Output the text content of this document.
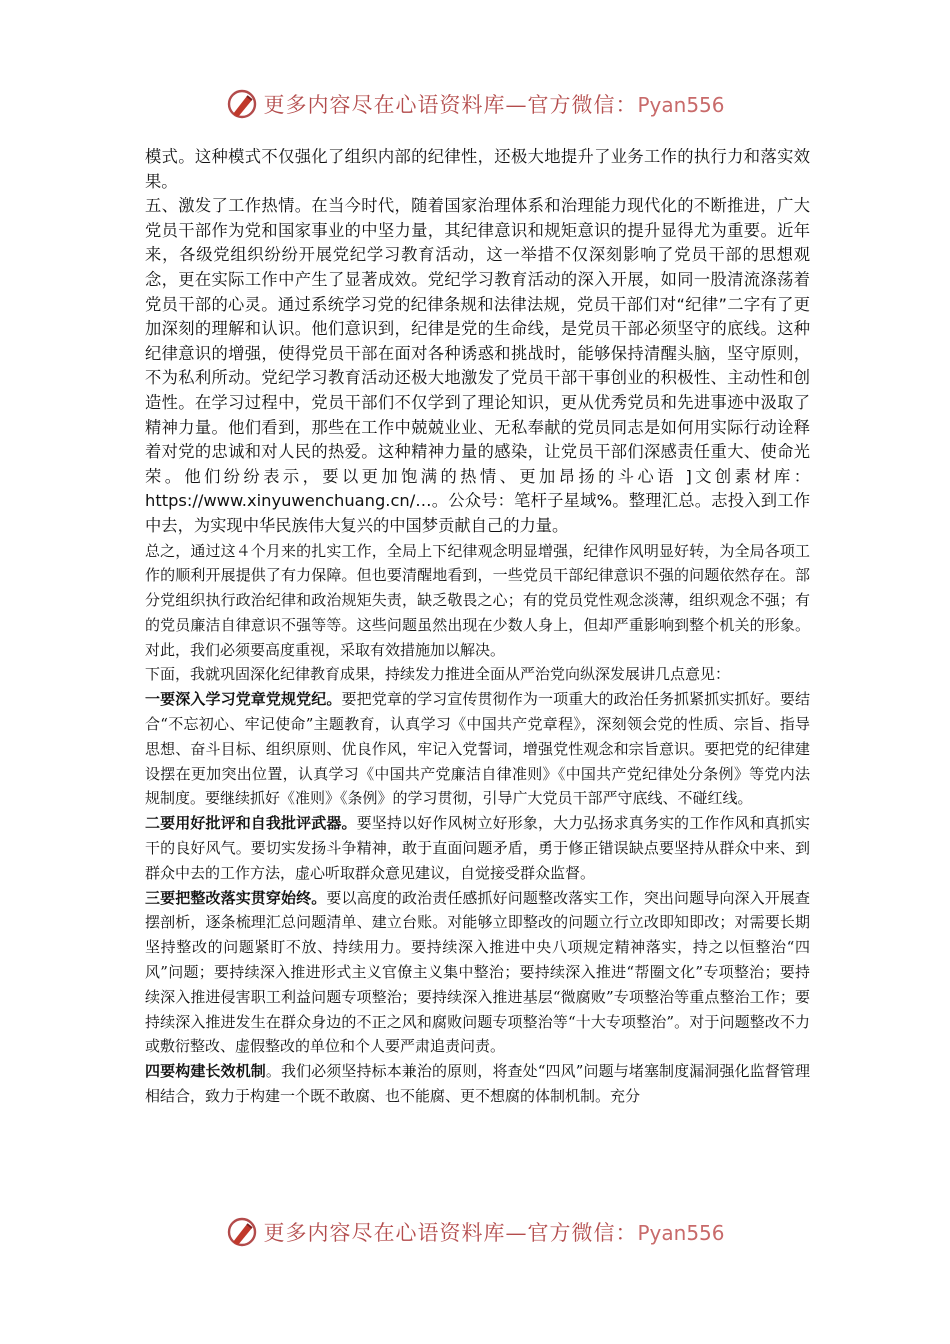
更多内容尽在心语资料库—官方微信：Pyan556

模式。这种模式不仅强化了组织内部的纪律性，还极大地提升了业务工作的执行力和落实效果。

五、激发了工作热情。在当今时代，随着国家治理体系和治理能力现代化的不断推进，广大党员干部作为党和国家事业的中坚力量，其纪律意识和规矩意识的提升显得尤为重要。近年来，各级党组织纷纷开展党纪学习教育活动，这一举措不仅深刻影响了党员干部的思想观念，更在实际工作中产生了显著成效。党纪学习教育活动的深入开展，如同一股清流涤荡着党员干部的心灵。通过系统学习党的纪律条规和法律法规，党员干部们对“纪律”二字有了更加深刻的理解和认识。他们意识到，纪律是党的生命线，是党员干部必须坚守的底线。这种纪律意识的增强，使得党员干部在面对各种诱惑和挑战时，能够保持清醒头脑，坚守原则，不为私利所动。党纪学习教育活动还极大地激发了党员干部干事创业的积极性、主动性和创造性。在学习过程中，党员干部们不仅学到了理论知识，更从优秀党员和先进事迹中汲取了精神力量。他们看到，那些在工作中兢兢业业、无私奉献的党员同志是如何用实际行动诠释着对党的忠诚和对人民的热爱。这种精神力量的感染，让党员干部们深感责任重大、使命光荣。他们纷纷表示，要以更加饱满的热情、更加昂扬的斗心语 ]文创素材库：https://www.xinyuwenchuang.cn/…。公众号：笔杆子星域%。整理汇总。志投入到工作中去，为实现中华民族伟大复兴的中国梦贡献自己的力量。

总之，通过这４个月来的扎实工作，全局上下纪律观念明显增强，纪律作风明显好转，为全局各项工作的顺利开展提供了有力保障。但也要清醒地看到，一些党员干部纪律意识不强的问题依然存在。部分党组织执行政治纪律和政治规矩失责，缺乏敬畏之心；有的党员党性观念淡薄，组织观念不强；有的党员廉洁自律意识不强等等。这些问题虽然出现在少数人身上，但却严重影响到整个机关的形象。对此，我们必须要高度重视，采取有效措施加以解决。

下面，我就巩固深化纪律教育成果，持续发力推进全面从严治党向纵深发展讲几点意见：

一要深入学习党章党规党纪。要把党章的学习宣传贯彻作为一项重大的政治任务抓紧抓实抓好。要结合“不忘初心、牢记使命”主题教育，认真学习《中国共产党章程》，深刻领会党的性质、宗旨、指导思想、奋斗目标、组织原则、优良作风，牢记入党誓词，增强党性观念和宗旨意识。要把党的纪律建设摆在更加突出位置，认真学习《中国共产党廉洁自律准则》《中国共产党纪律处分条例》等党内法规制度。要继续抓好《准则》《条例》的学习贯彻，引导广大党员干部严守底线、不碰红线。

二要用好批评和自我批评武器。要坚持以好作风树立好形象，大力弘扬求真务实的工作作风和真抓实干的良好风气。要切实发扬斗争精神，敢于直面问题矛盾，勇于修正错误缺点要坚持从群众中来、到群众中去的工作方法，虚心听取群众意见建议，自觉接受群众监督。

三要把整改落实贯穿始终。要以高度的政治责任感抓好问题整改落实工作，突出问题导向深入开展查摆剖析，逐条梳理汇总问题清单、建立台账。对能够立即整改的问题立行立改即知即改；对需要长期坚持整改的问题紧盯不放、持续用力。要持续深入推进中央八项规定精神落实，持之以恒整治“四风”问题；要持续深入推进形式主义官僚主义集中整治；要持续深入推进“帮圈文化”专项整治；要持续深入推进侵害职工利益问题专项整治；要持续深入推进基层“微腐败”专项整治等重点整治工作；要持续深入推进发生在群众身边的不正之风和腐败问题专项整治等“十大专项整治”。对于问题整改不力或敷衍整改、虚假整改的单位和个人要严肃追责问责。

四要构建长效机制。我们必须坚持标本兼治的原则，将查处“四风”问题与堵塞制度漏洞强化监督管理相结合，致力于构建一个既不敢腐、也不能腐、更不想腐的体制机制。充分

更多内容尽在心语资料库—官方微信：Pyan556
